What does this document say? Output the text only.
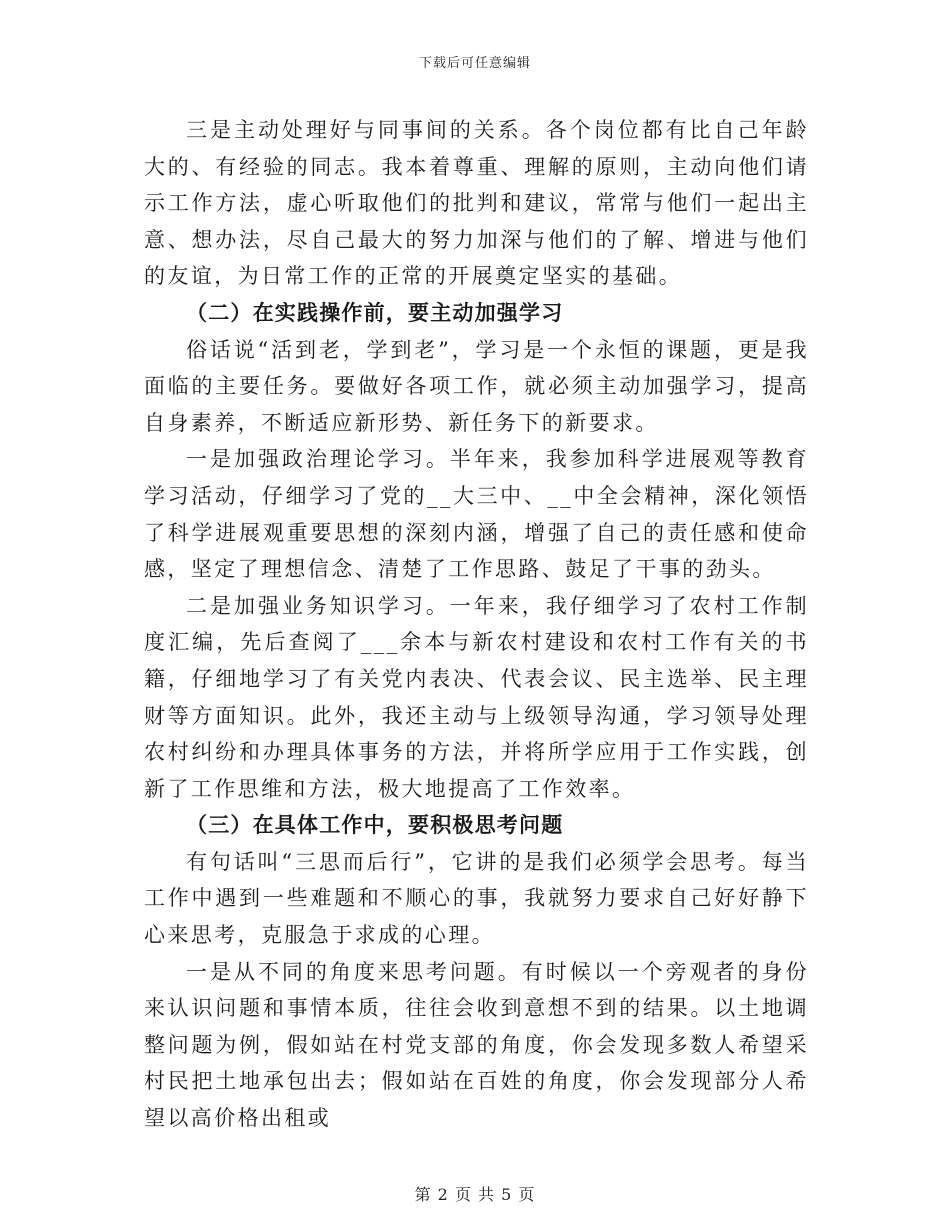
下载后可任意编辑

三是主动处理好与同事间的关系。各个岗位都有比自己年龄大的、有经验的同志。我本着尊重、理解的原则，主动向他们请示工作方法，虚心听取他们的批判和建议，常常与他们一起出主意、想办法，尽自己最大的努力加深与他们的了解、增进与他们的友谊，为日常工作的正常的开展奠定坚实的基础。

（二）在实践操作前，要主动加强学习

俗话说“活到老，学到老”，学习是一个永恒的课题，更是我面临的主要任务。要做好各项工作，就必须主动加强学习，提高自身素养，不断适应新形势、新任务下的新要求。

一是加强政治理论学习。半年来，我参加科学进展观等教育学习活动，仔细学习了党的__大三中、__中全会精神，深化领悟了科学进展观重要思想的深刻内涵，增强了自己的责任感和使命感，坚定了理想信念、清楚了工作思路、鼓足了干事的劲头。

二是加强业务知识学习。一年来，我仔细学习了农村工作制度汇编，先后查阅了___余本与新农村建设和农村工作有关的书籍，仔细地学习了有关党内表决、代表会议、民主选举、民主理财等方面知识。此外，我还主动与上级领导沟通，学习领导处理农村纠纷和办理具体事务的方法，并将所学应用于工作实践，创新了工作思维和方法，极大地提高了工作效率。

（三）在具体工作中，要积极思考问题

有句话叫“三思而后行”，它讲的是我们必须学会思考。每当工作中遇到一些难题和不顺心的事，我就努力要求自己好好静下心来思考，克服急于求成的心理。

一是从不同的角度来思考问题。有时候以一个旁观者的身份来认识问题和事情本质，往往会收到意想不到的结果。以土地调整问题为例，假如站在村党支部的角度，你会发现多数人希望采村民把土地承包出去；假如站在百姓的角度，你会发现部分人希望以高价格出租或

第 2 页 共 5 页
